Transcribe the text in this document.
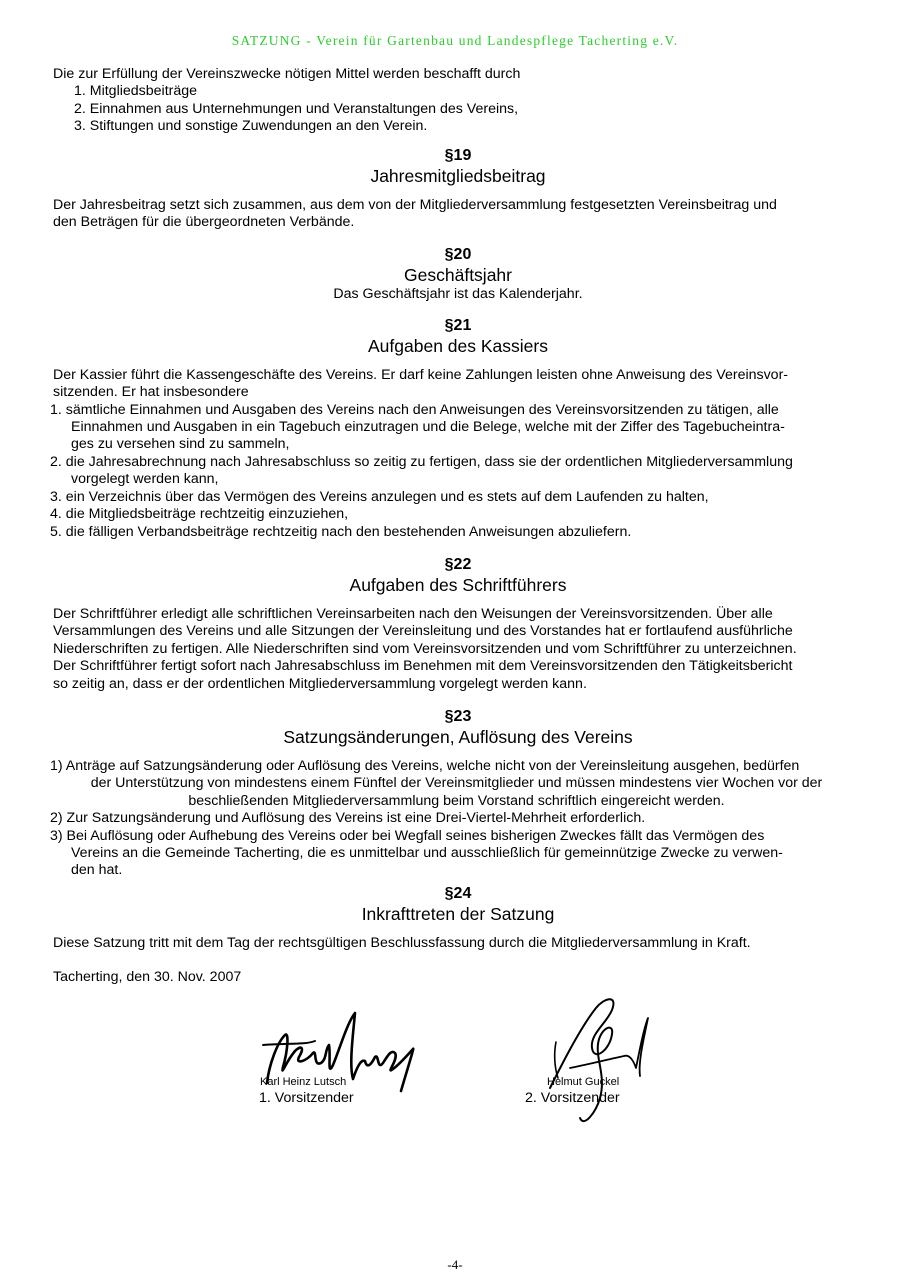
SATZUNG - Verein für Gartenbau und Landespflege Tacherting e.V.

Die zur Erfüllung der Vereinszwecke nötigen Mittel werden beschafft durch

1. Mitgliedsbeiträge
2. Einnahmen aus Unternehmungen und Veranstaltungen des Vereins,
3. Stiftungen und sonstige Zuwendungen an den Verein.
§19
Jahresmitgliedsbeitrag
Der Jahresbeitrag setzt sich zusammen, aus dem von der Mitgliederversammlung festgesetzten Vereinsbeitrag und
den Beträgen für die übergeordneten Verbände.
§20
Geschäftsjahr
Das Geschäftsjahr ist das Kalenderjahr.
§21
Aufgaben des Kassiers
Der Kassier führt die Kassengeschäfte des Vereins. Er darf keine Zahlungen leisten ohne Anweisung des Vereinsvor-
sitzenden. Er hat insbesondere
1. sämtliche Einnahmen und Ausgaben des Vereins nach den Anweisungen des Vereinsvorsitzenden zu tätigen, alle
Einnahmen und Ausgaben in ein Tagebuch einzutragen und die Belege, welche mit der Ziffer des Tagebucheintra-
ges zu versehen sind zu sammeln,
2. die Jahresabrechnung nach Jahresabschluss so zeitig zu fertigen, dass sie der ordentlichen Mitgliederversammlung
vorgelegt werden kann,
3. ein Verzeichnis über das Vermögen des Vereins anzulegen und es stets auf dem Laufenden zu halten,
4. die Mitgliedsbeiträge rechtzeitig einzuziehen,
5. die fälligen Verbandsbeiträge rechtzeitig nach den bestehenden Anweisungen abzuliefern.
§22
Aufgaben des Schriftführers
Der Schriftführer erledigt alle schriftlichen Vereinsarbeiten nach den Weisungen der Vereinsvorsitzenden. Über alle
Versammlungen des Vereins und alle Sitzungen der Vereinsleitung und des Vorstandes hat er fortlaufend ausführliche
Niederschriften zu fertigen. Alle Niederschriften sind vom Vereinsvorsitzenden und vom Schriftführer zu unterzeichnen.
Der Schriftführer fertigt sofort nach Jahresabschluss im Benehmen mit dem Vereinsvorsitzenden den Tätigkeitsbericht
so zeitig an, dass er der ordentlichen Mitgliederversammlung vorgelegt werden kann.
§23
Satzungsänderungen, Auflösung des Vereins
1) Anträge auf Satzungsänderung oder Auflösung des Vereins, welche nicht von der Vereinsleitung ausgehen, bedürfen
der Unterstützung von mindestens einem Fünftel der Vereinsmitglieder und müssen mindestens vier Wochen vor der
beschließenden Mitgliederversammlung beim Vorstand schriftlich eingereicht werden.
2) Zur Satzungsänderung und Auflösung des Vereins ist eine Drei-Viertel-Mehrheit erforderlich.
3) Bei Auflösung oder Aufhebung des Vereins oder bei Wegfall seines bisherigen Zweckes fällt das Vermögen des
Vereins an die Gemeinde Tacherting, die es unmittelbar und ausschließlich für gemeinnützige Zwecke zu verwen-
den hat.
§24
Inkrafttreten der Satzung
Diese Satzung tritt mit dem Tag der rechtsgültigen Beschlussfassung durch die Mitgliederversammlung in Kraft.
Tacherting, den 30. Nov. 2007
Karl Heinz Lutsch
1. Vorsitzender
Helmut Guckel
2. Vorsitzender
-4-
